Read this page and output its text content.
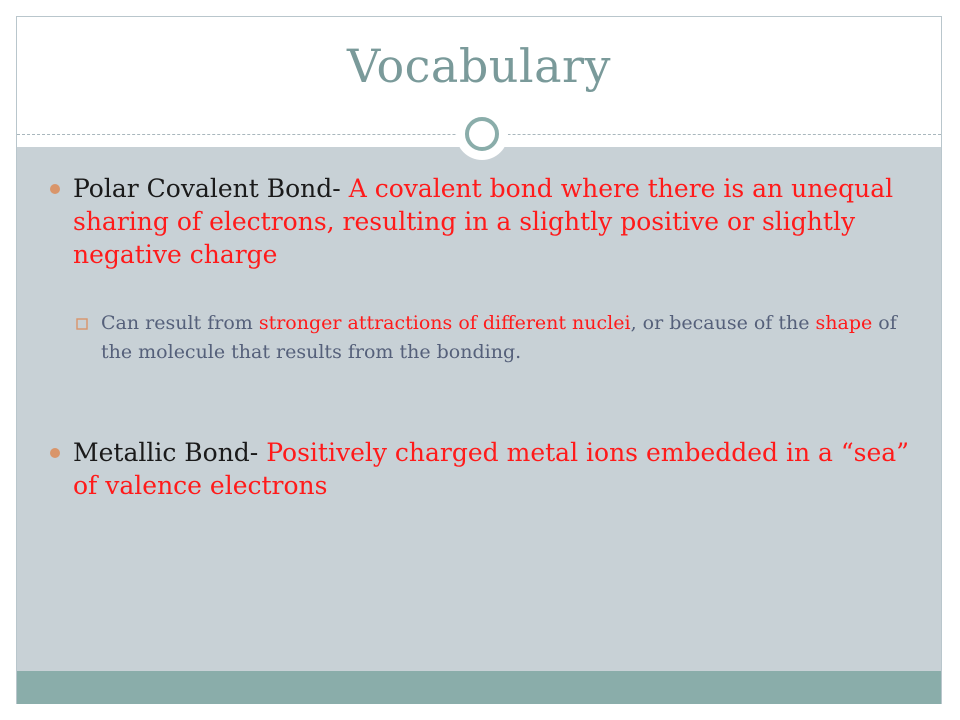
Vocabulary
Polar Covalent Bond- A covalent bond where there is an unequal sharing of electrons, resulting in a slightly positive or slightly negative charge
Can result from stronger attractions of different nuclei, or because of the shape of the molecule that results from the bonding.
Metallic Bond- Positively charged metal ions embedded in a “sea” of valence electrons
